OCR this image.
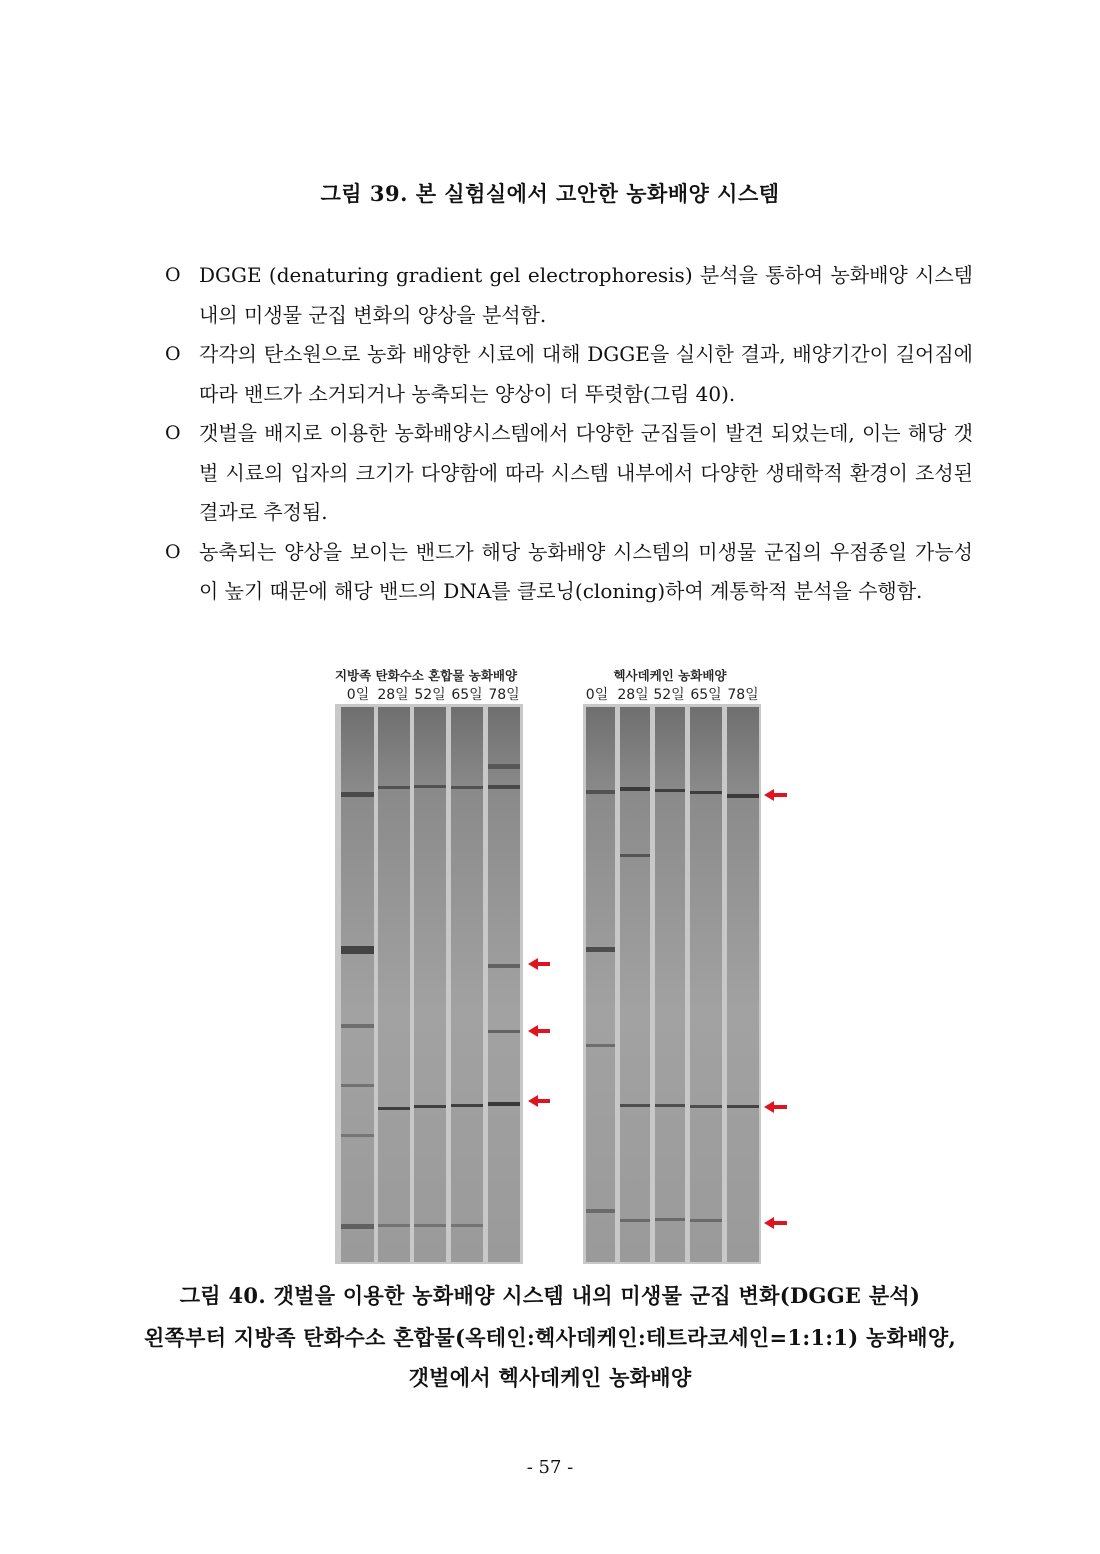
그림 39. 본 실험실에서 고안한 농화배양 시스템
O DGGE (denaturing gradient gel electrophoresis) 분석을 통하여 농화배양 시스템 내의 미생물 군집 변화의 양상을 분석함.
O 각각의 탄소원으로 농화 배양한 시료에 대해 DGGE을 실시한 결과, 배양기간이 길어짐에 따라 밴드가 소거되거나 농축되는 양상이 더 뚜렷함(그림 40).
O 갯벌을 배지로 이용한 농화배양시스템에서 다양한 군집들이 발견 되었는데, 이는 해당 갯벌 시료의 입자의 크기가 다양함에 따라 시스템 내부에서 다양한 생태학적 환경이 조성된 결과로 추정됨.
O 농축되는 양상을 보이는 밴드가 해당 농화배양 시스템의 미생물 군집의 우점종일 가능성이 높기 때문에 해당 밴드의 DNA를 클로닝(cloning)하여 계통학적 분석을 수행함.
지방족 탄화수소 혼합물 농화배양	헥사데케인 농화배양
0일 28일 52일 65일 78일	0일 28일 52일 65일 78일
그림 40. 갯벌을 이용한 농화배양 시스템 내의 미생물 군집 변화(DGGE 분석)
왼쪽부터 지방족 탄화수소 혼합물(옥테인:헥사데케인:테트라코세인=1:1:1) 농화배양,
갯벌에서 헥사데케인 농화배양
- 57 -
